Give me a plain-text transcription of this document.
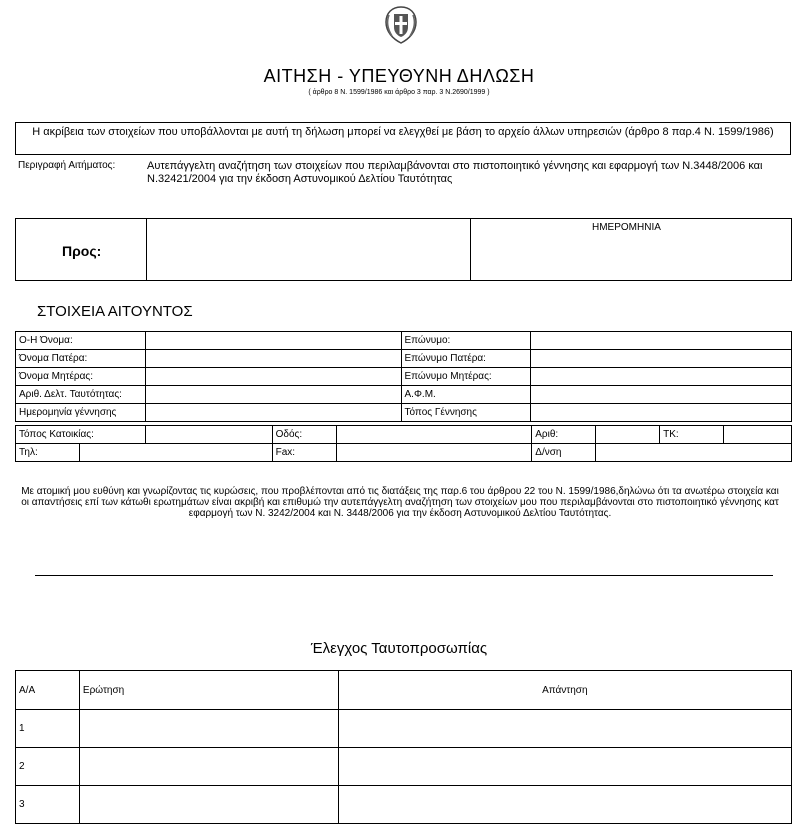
ΑΙΤΗΣΗ - ΥΠΕΥΘΥΝΗ ΔΗΛΩΣΗ
( άρθρο 8 Ν. 1599/1986 και άρθρο 3 παρ. 3 Ν.2690/1999 )
Η ακρίβεια των στοιχείων που υποβάλλονται με αυτή τη δήλωση μπορεί να ελεγχθεί με βάση το αρχείο άλλων υπηρεσιών (άρθρο 8 παρ.4 Ν. 1599/1986)
Περιγραφή Αιτήματος:	Αυτεπάγγελτη αναζήτηση των στοιχείων που περιλαμβάνονται στο πιστοποιητικό γέννησης και εφαρμογή των Ν.3448/2006 και Ν.32421/2004 για την έκδοση Αστυνομικού Δελτίου Ταυτότητας
Προς:
ΗΜΕΡΟΜΗΝΙΑ
ΣΤΟΙΧΕΙΑ ΑΙΤΟΥΝΤΟΣ
Ο-Η Όνομα:		Επώνυμο:	
Όνομα Πατέρα:		Επώνυμο Πατέρα:	
Όνομα Μητέρας:		Επώνυμο Μητέρας:	
Αριθ. Δελτ. Ταυτότητας:		Α.Φ.Μ.	
Ημερομηνία γέννησης		Τόπος Γέννησης	
Τόπος Κατοικίας:			Οδός:		Αριθ:		ΤΚ:	
Τηλ:			Fax:		Δ/νση			
Με ατομική μου ευθύνη και γνωρίζοντας τις κυρώσεις, που προβλέπονται από τις διατάξεις της παρ.6 του άρθρου 22 του Ν. 1599/1986,δηλώνω ότι τα ανωτέρω στοιχεία και οι απαντήσεις επί των κάτωθι ερωτημάτων είναι ακριβή και επιθυμώ την αυτεπάγγελτη αναζήτηση των στοιχείων μου που περιλαμβάνονται στο πιστοποιητικό γέννησης κατ εφαρμογή των Ν. 3242/2004 και Ν. 3448/2006 για την έκδοση Αστυνομικού Δελτίου Ταυτότητας.
Έλεγχος Ταυτοπροσωπίας
Α/Α	Ερώτηση	Απάντηση
1		
2		
3		
